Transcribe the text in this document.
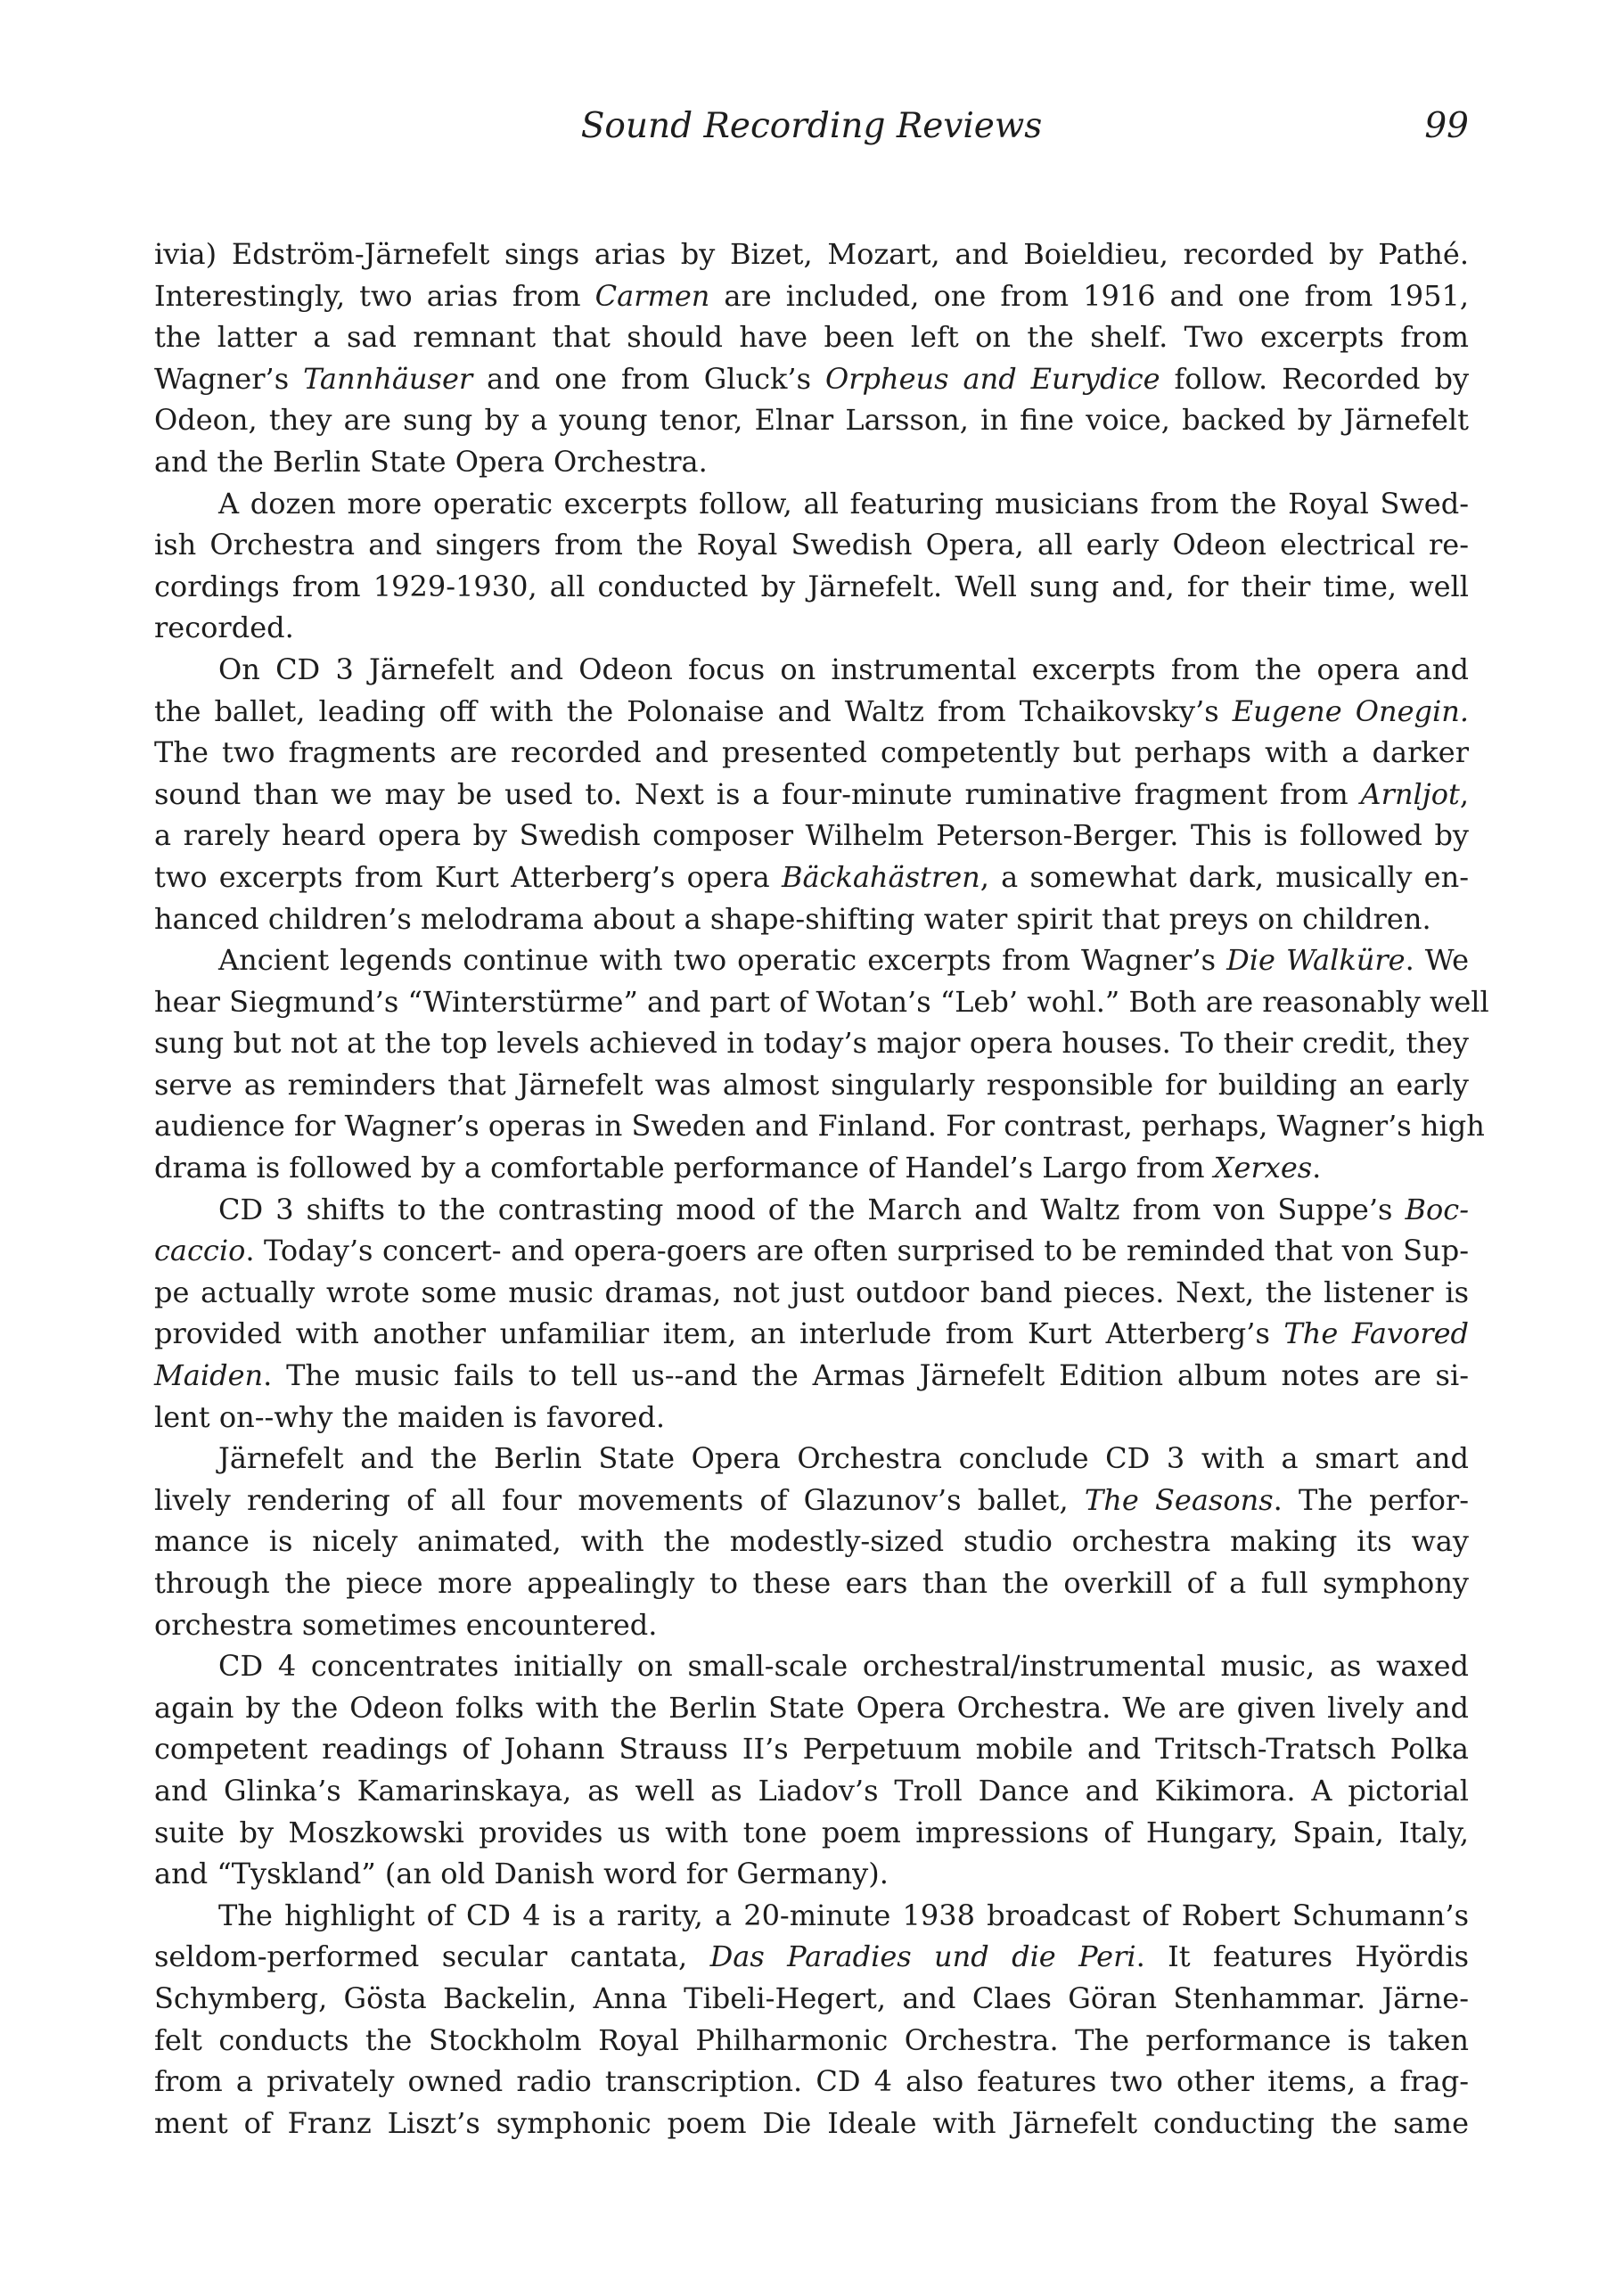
Sound Recording Reviews	99
ivia) Edström-Järnefelt sings arias by Bizet, Mozart, and Boieldieu, recorded by Pathé.
Interestingly, two arias from Carmen are included, one from 1916 and one from 1951,
the latter a sad remnant that should have been left on the shelf. Two excerpts from
Wagner’s Tannhäuser and one from Gluck’s Orpheus and Eurydice follow. Recorded by
Odeon, they are sung by a young tenor, Elnar Larsson, in fine voice, backed by Järnefelt
and the Berlin State Opera Orchestra.
A dozen more operatic excerpts follow, all featuring musicians from the Royal Swed-
ish Orchestra and singers from the Royal Swedish Opera, all early Odeon electrical re-
cordings from 1929-1930, all conducted by Järnefelt. Well sung and, for their time, well
recorded.
On CD 3 Järnefelt and Odeon focus on instrumental excerpts from the opera and
the ballet, leading off with the Polonaise and Waltz from Tchaikovsky’s Eugene Onegin.
The two fragments are recorded and presented competently but perhaps with a darker
sound than we may be used to. Next is a four-minute ruminative fragment from Arnljot,
a rarely heard opera by Swedish composer Wilhelm Peterson-Berger. This is followed by
two excerpts from Kurt Atterberg’s opera Bäckahästren, a somewhat dark, musically en-
hanced children’s melodrama about a shape-shifting water spirit that preys on children.
Ancient legends continue with two operatic excerpts from Wagner’s Die Walküre. We
hear Siegmund’s “Winterstürme” and part of Wotan’s “Leb’ wohl.” Both are reasonably well
sung but not at the top levels achieved in today’s major opera houses. To their credit, they
serve as reminders that Järnefelt was almost singularly responsible for building an early
audience for Wagner’s operas in Sweden and Finland. For contrast, perhaps, Wagner’s high
drama is followed by a comfortable performance of Handel’s Largo from Xerxes.
CD 3 shifts to the contrasting mood of the March and Waltz from von Suppe’s Boc-
caccio. Today’s concert- and opera-goers are often surprised to be reminded that von Sup-
pe actually wrote some music dramas, not just outdoor band pieces. Next, the listener is
provided with another unfamiliar item, an interlude from Kurt Atterberg’s The Favored
Maiden. The music fails to tell us--and the Armas Järnefelt Edition album notes are si-
lent on--why the maiden is favored.
Järnefelt and the Berlin State Opera Orchestra conclude CD 3 with a smart and
lively rendering of all four movements of Glazunov’s ballet, The Seasons. The perfor-
mance is nicely animated, with the modestly-sized studio orchestra making its way
through the piece more appealingly to these ears than the overkill of a full symphony
orchestra sometimes encountered.
CD 4 concentrates initially on small-scale orchestral/instrumental music, as waxed
again by the Odeon folks with the Berlin State Opera Orchestra. We are given lively and
competent readings of Johann Strauss II’s Perpetuum mobile and Tritsch-Tratsch Polka
and Glinka’s Kamarinskaya, as well as Liadov’s Troll Dance and Kikimora. A pictorial
suite by Moszkowski provides us with tone poem impressions of Hungary, Spain, Italy,
and “Tyskland” (an old Danish word for Germany).
The highlight of CD 4 is a rarity, a 20-minute 1938 broadcast of Robert Schumann’s
seldom-performed secular cantata, Das Paradies und die Peri. It features Hyördis
Schymberg, Gösta Backelin, Anna Tibeli-Hegert, and Claes Göran Stenhammar. Järne-
felt conducts the Stockholm Royal Philharmonic Orchestra. The performance is taken
from a privately owned radio transcription. CD 4 also features two other items, a frag-
ment of Franz Liszt’s symphonic poem Die Ideale with Järnefelt conducting the same
